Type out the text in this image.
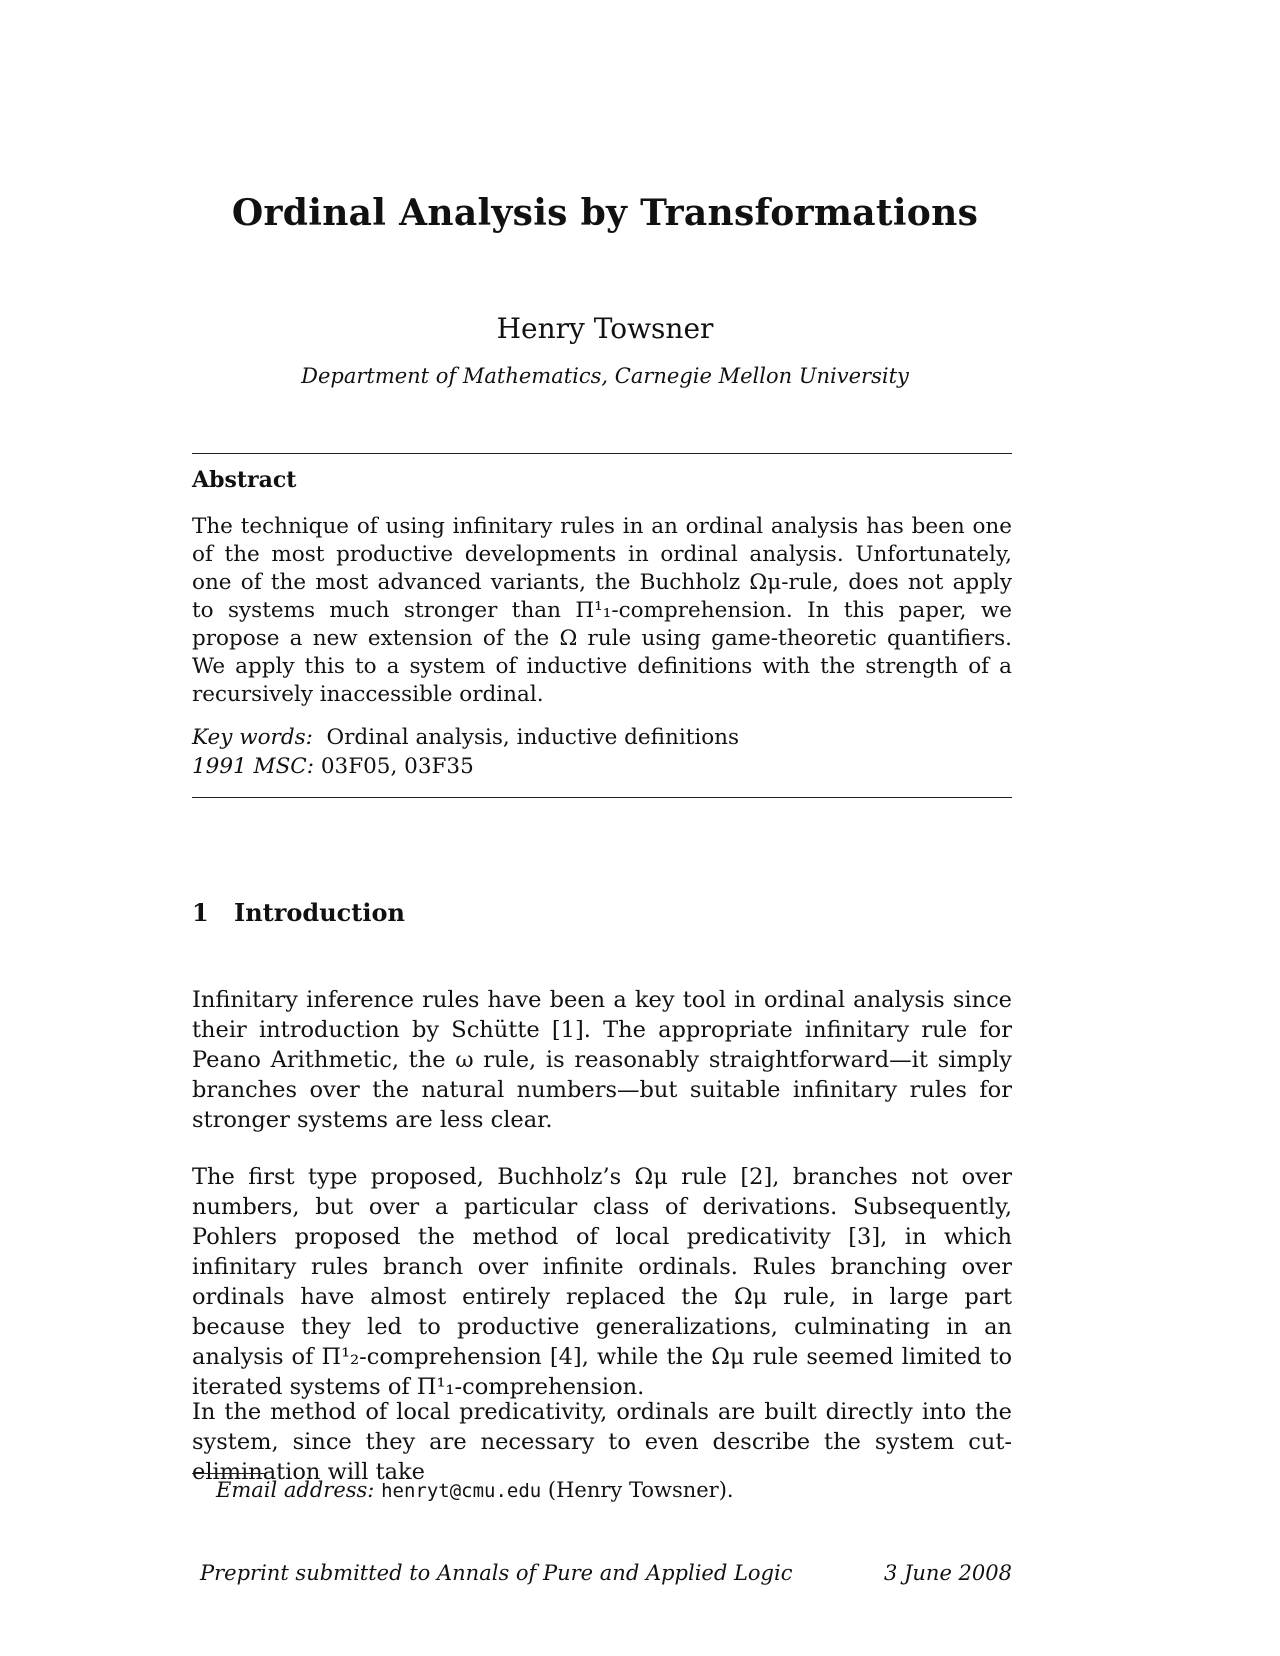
Ordinal Analysis by Transformations
Henry Towsner
Department of Mathematics, Carnegie Mellon University
Abstract
The technique of using infinitary rules in an ordinal analysis has been one of the most productive developments in ordinal analysis. Unfortunately, one of the most advanced variants, the Buchholz Ωμ-rule, does not apply to systems much stronger than Π¹₁-comprehension. In this paper, we propose a new extension of the Ω rule using game-theoretic quantifiers. We apply this to a system of inductive definitions with the strength of a recursively inaccessible ordinal.
Key words: Ordinal analysis, inductive definitions
1991 MSC: 03F05, 03F35
1 Introduction
Infinitary inference rules have been a key tool in ordinal analysis since their introduction by Schütte [1]. The appropriate infinitary rule for Peano Arithmetic, the ω rule, is reasonably straightforward—it simply branches over the natural numbers—but suitable infinitary rules for stronger systems are less clear.
The first type proposed, Buchholz’s Ωμ rule [2], branches not over numbers, but over a particular class of derivations. Subsequently, Pohlers proposed the method of local predicativity [3], in which infinitary rules branch over infinite ordinals. Rules branching over ordinals have almost entirely replaced the Ωμ rule, in large part because they led to productive generalizations, culminating in an analysis of Π¹₂-comprehension [4], while the Ωμ rule seemed limited to iterated systems of Π¹₁-comprehension.
In the method of local predicativity, ordinals are built directly into the system, since they are necessary to even describe the system cut-elimination will take
Email address: henryt@cmu.edu (Henry Towsner).
Preprint submitted to Annals of Pure and Applied Logic	3 June 2008
